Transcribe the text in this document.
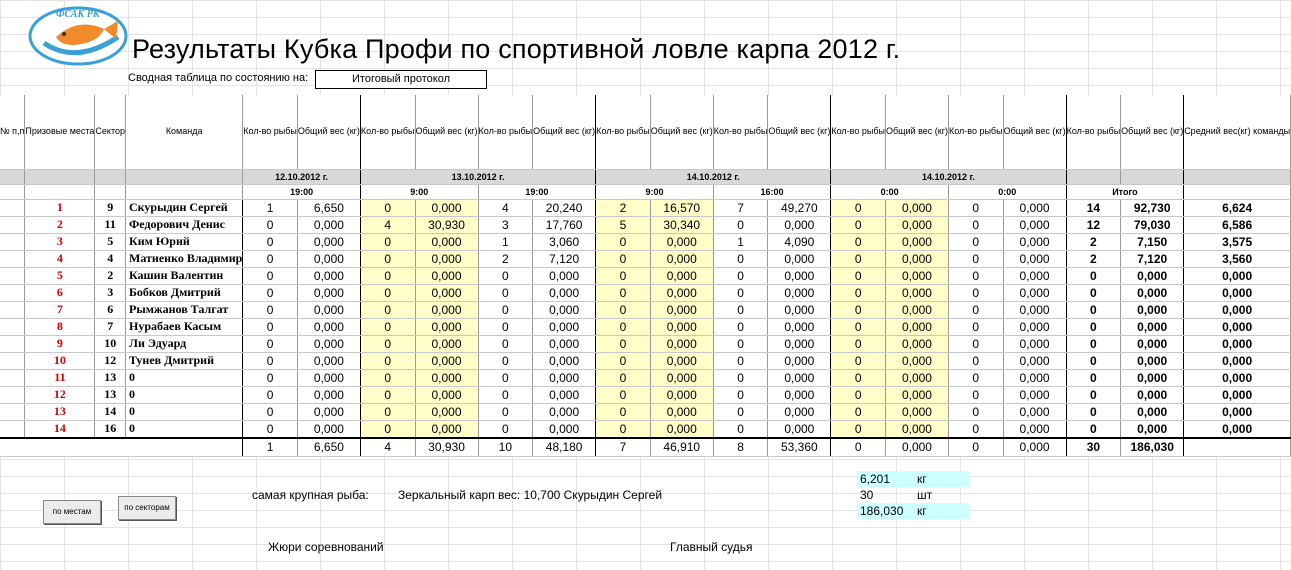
ФСАК РК
Результаты Кубка Профи по спортивной ловле карпа 2012 г.
Сводная таблица по состоянию на:	Итоговый протокол
№ п,п	Призовые места	Сектор	Команда	Кол-во рыбы	Общий вес (кг)	Кол-во рыбы	Общий вес (кг)	Кол-во рыбы	Общий вес (кг)	Кол-во рыбы	Общий вес (кг)	Кол-во рыбы	Общий вес (кг)	Кол-во рыбы	Общий вес (кг)	Кол-во рыбы	Общий вес (кг)	Кол-во рыбы	Общий вес (кг)	Средний вес(кг) команды
				12.10.2012 г.		13.10.2012 г.				14.10.2012 г.				14.10.2012 г.						
				19:00		9:00		19:00		9:00		16:00		0:00		0:00		Итого		
	1	9	Скурыдин Сергей	1	6,650	0	0,000	4	20,240	2	16,570	7	49,270	0	0,000	0	0,000	14	92,730	6,624
	2	11	Федорович Денис	0	0,000	4	30,930	3	17,760	5	30,340	0	0,000	0	0,000	0	0,000	12	79,030	6,586
	3	5	Ким Юрий	0	0,000	0	0,000	1	3,060	0	0,000	1	4,090	0	0,000	0	0,000	2	7,150	3,575
	4	4	Матиенко Владимир	0	0,000	0	0,000	2	7,120	0	0,000	0	0,000	0	0,000	0	0,000	2	7,120	3,560
	5	2	Кашин Валентин	0	0,000	0	0,000	0	0,000	0	0,000	0	0,000	0	0,000	0	0,000	0	0,000	0,000
	6	3	Бобков Дмитрий	0	0,000	0	0,000	0	0,000	0	0,000	0	0,000	0	0,000	0	0,000	0	0,000	0,000
	7	6	Рымжанов Талгат	0	0,000	0	0,000	0	0,000	0	0,000	0	0,000	0	0,000	0	0,000	0	0,000	0,000
	8	7	Нурабаев Касым	0	0,000	0	0,000	0	0,000	0	0,000	0	0,000	0	0,000	0	0,000	0	0,000	0,000
	9	10	Ли Эдуард	0	0,000	0	0,000	0	0,000	0	0,000	0	0,000	0	0,000	0	0,000	0	0,000	0,000
	10	12	Тунев Дмитрий	0	0,000	0	0,000	0	0,000	0	0,000	0	0,000	0	0,000	0	0,000	0	0,000	0,000
	11	13	0	0	0,000	0	0,000	0	0,000	0	0,000	0	0,000	0	0,000	0	0,000	0	0,000	0,000
	12	13	0	0	0,000	0	0,000	0	0,000	0	0,000	0	0,000	0	0,000	0	0,000	0	0,000	0,000
	13	14	0	0	0,000	0	0,000	0	0,000	0	0,000	0	0,000	0	0,000	0	0,000	0	0,000	0,000
	14	16	0	0	0,000	0	0,000	0	0,000	0	0,000	0	0,000	0	0,000	0	0,000	0	0,000	0,000
				1	6,650	4	30,930	10	48,180	7	46,910	8	53,360	0	0,000	0	0,000	30	186,030	
по местам	по секторам
самая крупная рыба: Зеркальный карп вес: 10,700 Скурыдин Сергей
6,201 кг
30	шт
186,030 кг
Жюри соревнований	Главный судья
